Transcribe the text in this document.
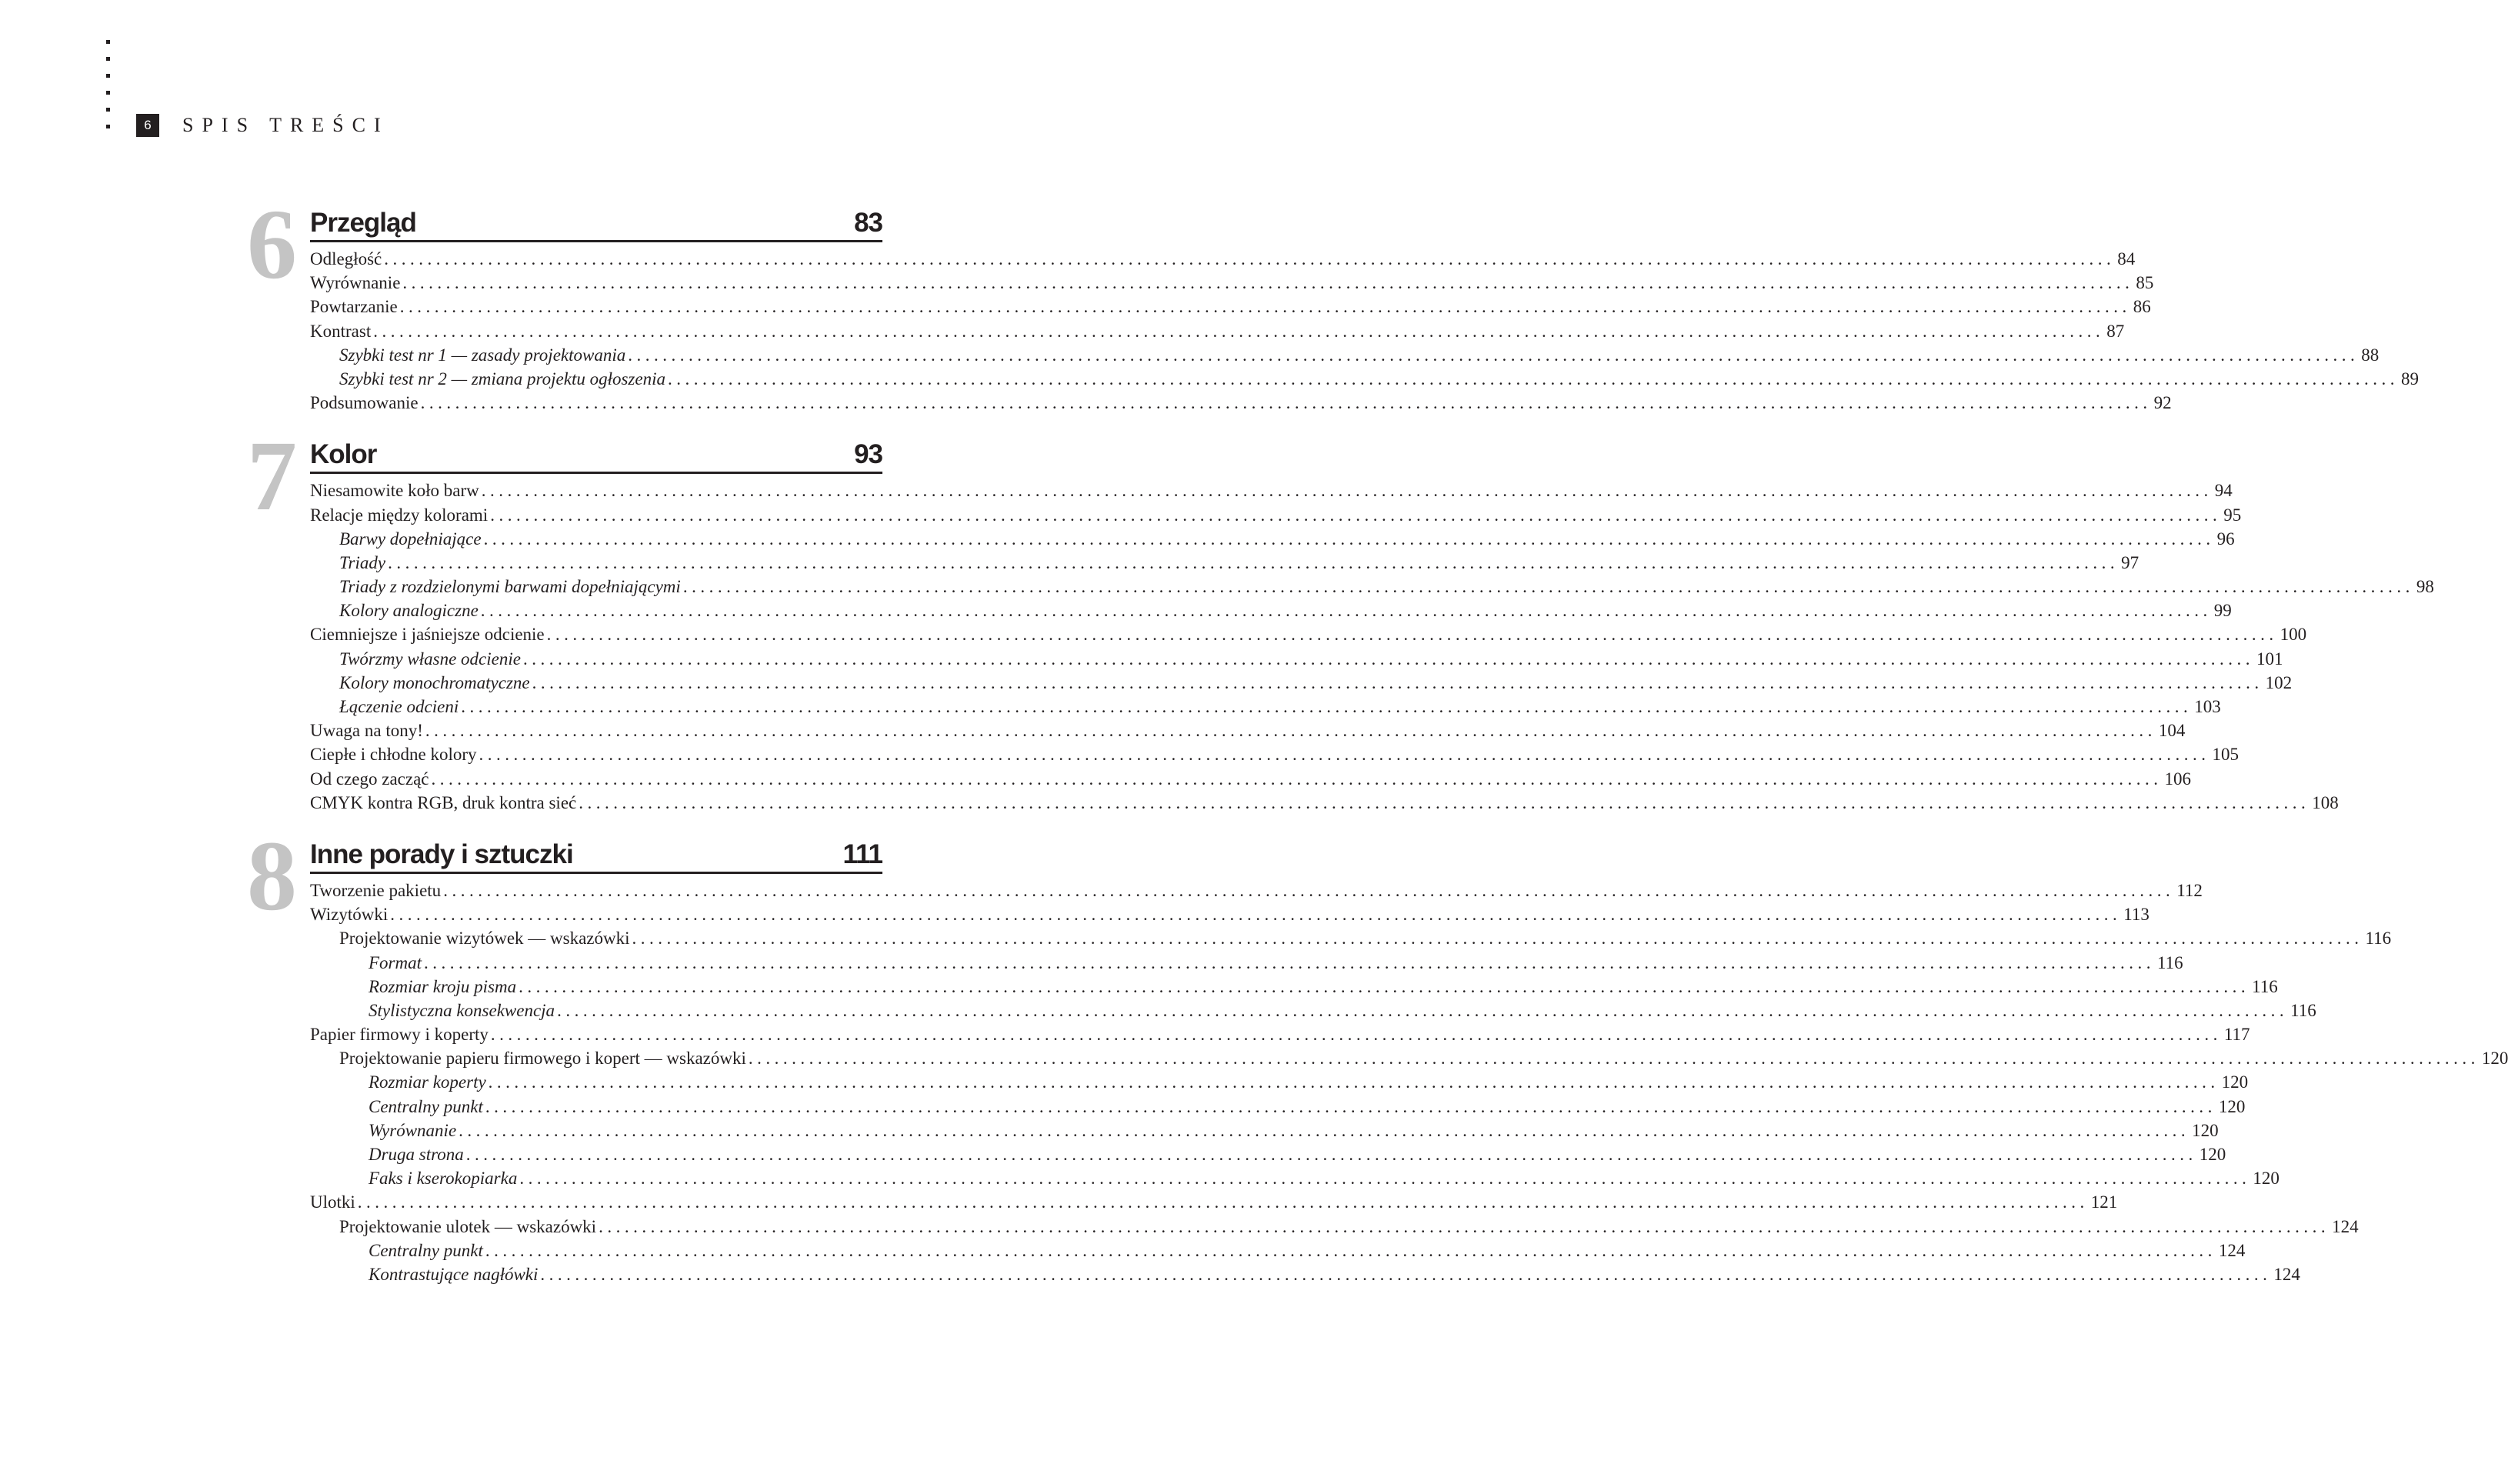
6	SPIS TREŚCI
6 Przegląd	83
Odległość ........................................................................................................................................................................................................ 84
Wyrównanie ........................................................................................................................................................................................................ 85
Powtarzanie ........................................................................................................................................................................................................ 86
Kontrast ........................................................................................................................................................................................................ 87
Szybki test nr 1 — zasady projektowania ........................................................................................................................................................................................................ 88
Szybki test nr 2 — zmiana projektu ogłoszenia ........................................................................................................................................................................................................ 89
Podsumowanie ........................................................................................................................................................................................................ 92
7 Kolor	93
Niesamowite koło barw ........................................................................................................................................................................................................ 94
Relacje między kolorami ........................................................................................................................................................................................................ 95
Barwy dopełniające ........................................................................................................................................................................................................ 96
Triady ........................................................................................................................................................................................................ 97
Triady z rozdzielonymi barwami dopełniającymi ........................................................................................................................................................................................................ 98
Kolory analogiczne ........................................................................................................................................................................................................ 99
Ciemniejsze i jaśniejsze odcienie ........................................................................................................................................................................................................ 100
Twórzmy własne odcienie ........................................................................................................................................................................................................ 101
Kolory monochromatyczne ........................................................................................................................................................................................................ 102
Łączenie odcieni ........................................................................................................................................................................................................ 103
Uwaga na tony! ........................................................................................................................................................................................................ 104
Ciepłe i chłodne kolory ........................................................................................................................................................................................................ 105
Od czego zacząć ........................................................................................................................................................................................................ 106
CMYK kontra RGB, druk kontra sieć ........................................................................................................................................................................................................ 108
8 Inne porady i sztuczki	111
Tworzenie pakietu ........................................................................................................................................................................................................ 112
Wizytówki ........................................................................................................................................................................................................ 113
Projektowanie wizytówek — wskazówki ........................................................................................................................................................................................................ 116
Format ........................................................................................................................................................................................................ 116
Rozmiar kroju pisma ........................................................................................................................................................................................................ 116
Stylistyczna konsekwencja ........................................................................................................................................................................................................ 116
Papier firmowy i koperty ........................................................................................................................................................................................................ 117
Projektowanie papieru firmowego i kopert — wskazówki ........................................................................................................................................................................................................ 120
Rozmiar koperty ........................................................................................................................................................................................................ 120
Centralny punkt ........................................................................................................................................................................................................ 120
Wyrównanie ........................................................................................................................................................................................................ 120
Druga strona ........................................................................................................................................................................................................ 120
Faks i kserokopiarka ........................................................................................................................................................................................................ 120
Ulotki ........................................................................................................................................................................................................ 121
Projektowanie ulotek — wskazówki ........................................................................................................................................................................................................ 124
Centralny punkt ........................................................................................................................................................................................................ 124
Kontrastujące nagłówki ........................................................................................................................................................................................................ 124
